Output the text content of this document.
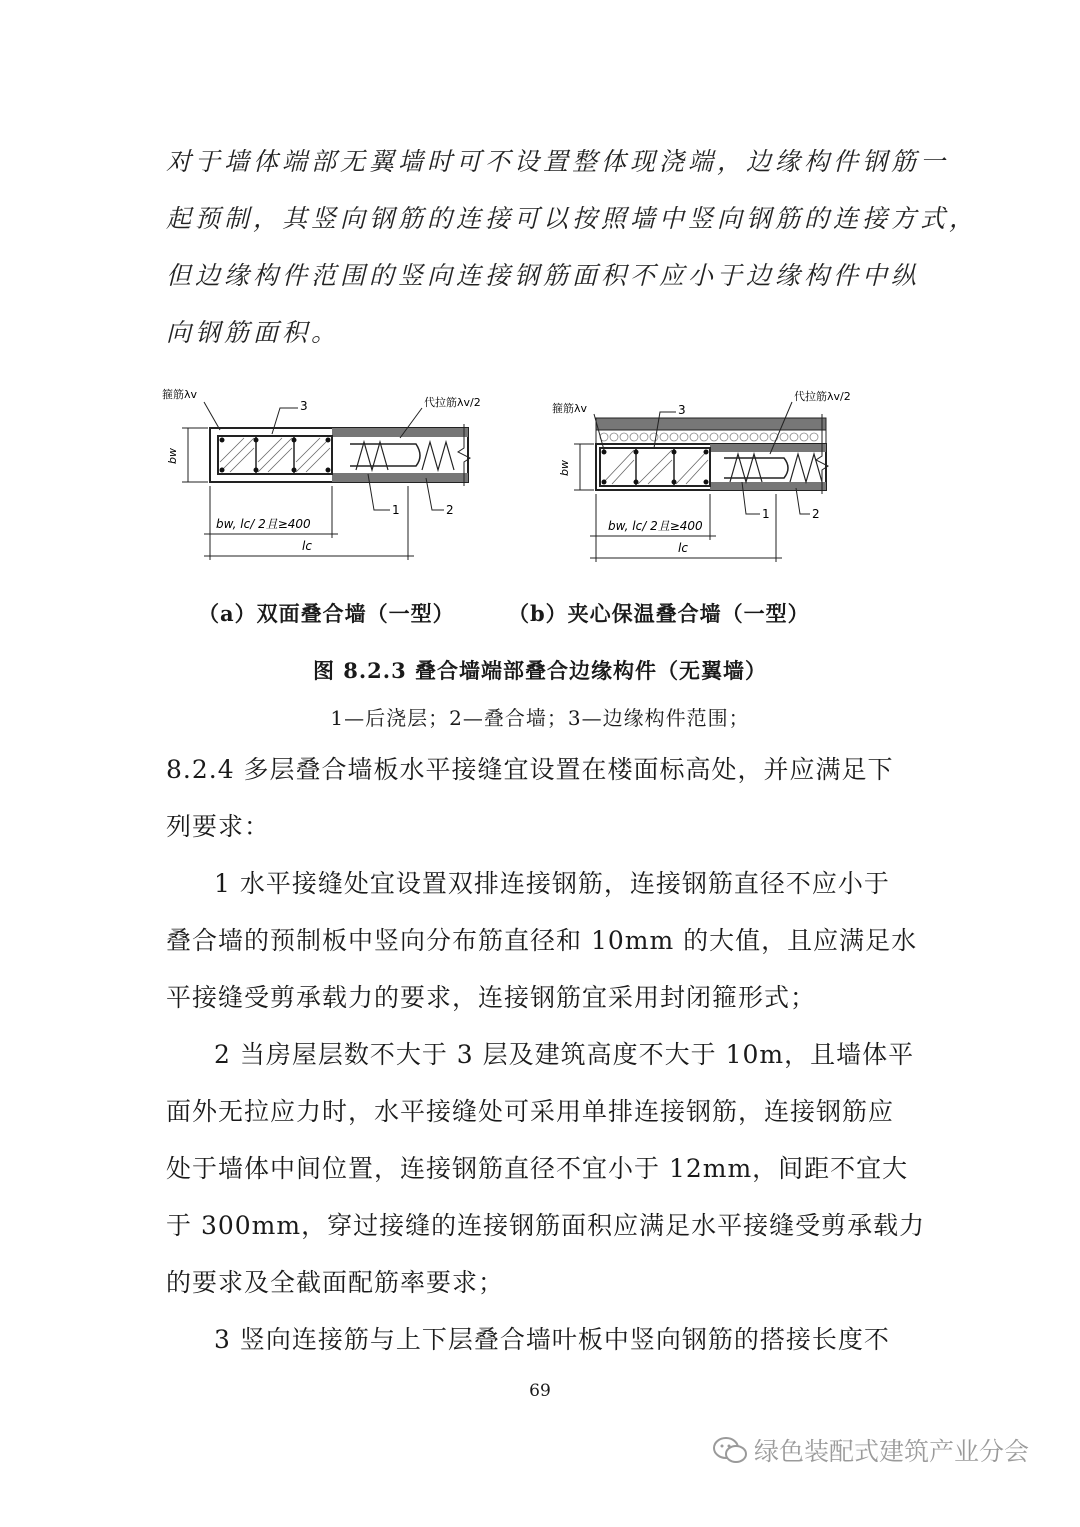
对于墙体端部无翼墙时可不设置整体现浇端，边缘构件钢筋一
起预制，其竖向钢筋的连接可以按照墙中竖向钢筋的连接方式，
但边缘构件范围的竖向连接钢筋面积不应小于边缘构件中纵
向钢筋面积。
bw
箍筋λv
3	代拉筋λv/2
1	2
bw, lc/ 2且≥400
lc
bw
箍筋λv	3
代拉筋λv/2
1	2
bw, lc/ 2且≥400
lc
（a）双面叠合墙（一型）	（b）夹心保温叠合墙（一型）
图 8.2.3 叠合墙端部叠合边缘构件（无翼墙）
1—后浇层；2—叠合墙；3—边缘构件范围；
8.2.4 多层叠合墙板水平接缝宜设置在楼面标高处，并应满足下
列要求：
1 水平接缝处宜设置双排连接钢筋，连接钢筋直径不应小于
叠合墙的预制板中竖向分布筋直径和 10mm 的大值，且应满足水
平接缝受剪承载力的要求，连接钢筋宜采用封闭箍形式；
2 当房屋层数不大于 3 层及建筑高度不大于 10m，且墙体平
面外无拉应力时，水平接缝处可采用单排连接钢筋，连接钢筋应
处于墙体中间位置，连接钢筋直径不宜小于 12mm，间距不宜大
于 300mm，穿过接缝的连接钢筋面积应满足水平接缝受剪承载力
的要求及全截面配筋率要求；
3 竖向连接筋与上下层叠合墙叶板中竖向钢筋的搭接长度不
69
绿色装配式建筑产业分会
